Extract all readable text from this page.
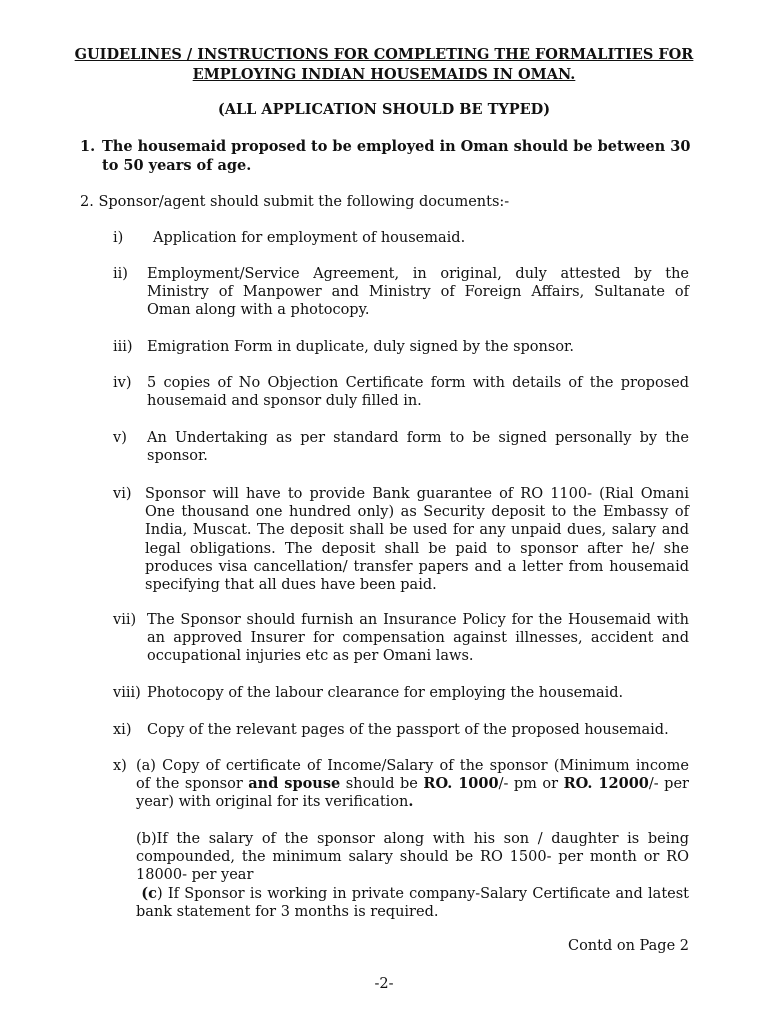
GUIDELINES / INSTRUCTIONS FOR COMPLETING THE FORMALITIES FOR
EMPLOYING INDIAN HOUSEMAIDS IN OMAN.
(ALL APPLICATION SHOULD BE TYPED)
1. The housemaid proposed to be employed in Oman should be between 30 to 50 years of age.
2. Sponsor/agent should submit the following documents:-
i)	Application for employment of housemaid.
ii)	Employment/Service Agreement, in original, duly attested by the Ministry of Manpower and Ministry of Foreign Affairs, Sultanate of Oman along with a photocopy.
iii) Emigration Form in duplicate, duly signed by the sponsor.
iv)	5 copies of No Objection Certificate form with details of the proposed housemaid and sponsor duly filled in.
v)	An Undertaking as per standard form to be signed personally by the sponsor.
vi) Sponsor will have to provide Bank guarantee of RO 1100- (Rial Omani One thousand one hundred only) as Security deposit to the Embassy of India, Muscat. The deposit shall be used for any unpaid dues, salary and legal obligations. The deposit shall be paid to sponsor after he/ she produces visa cancellation/ transfer papers and a letter from housemaid specifying that all dues have been paid.
vii) The Sponsor should furnish an Insurance Policy for the Housemaid with an approved Insurer for compensation against illnesses, accident and occupational injuries etc as per Omani laws.
viii) Photocopy of the labour clearance for employing the housemaid.
xi)	Copy of the relevant pages of the passport of the proposed housemaid.
x) (a) Copy of certificate of Income/Salary of the sponsor (Minimum income of the sponsor and spouse should be RO. 1000/- pm or RO. 12000/- per year) with original for its verification.
(b)If the salary of the sponsor along with his son / daughter is being compounded, the minimum salary should be RO 1500- per month or RO 18000- per year
(c) If Sponsor is working in private company-Salary Certificate and latest bank statement for 3 months is required.
Contd on Page 2
-2-
